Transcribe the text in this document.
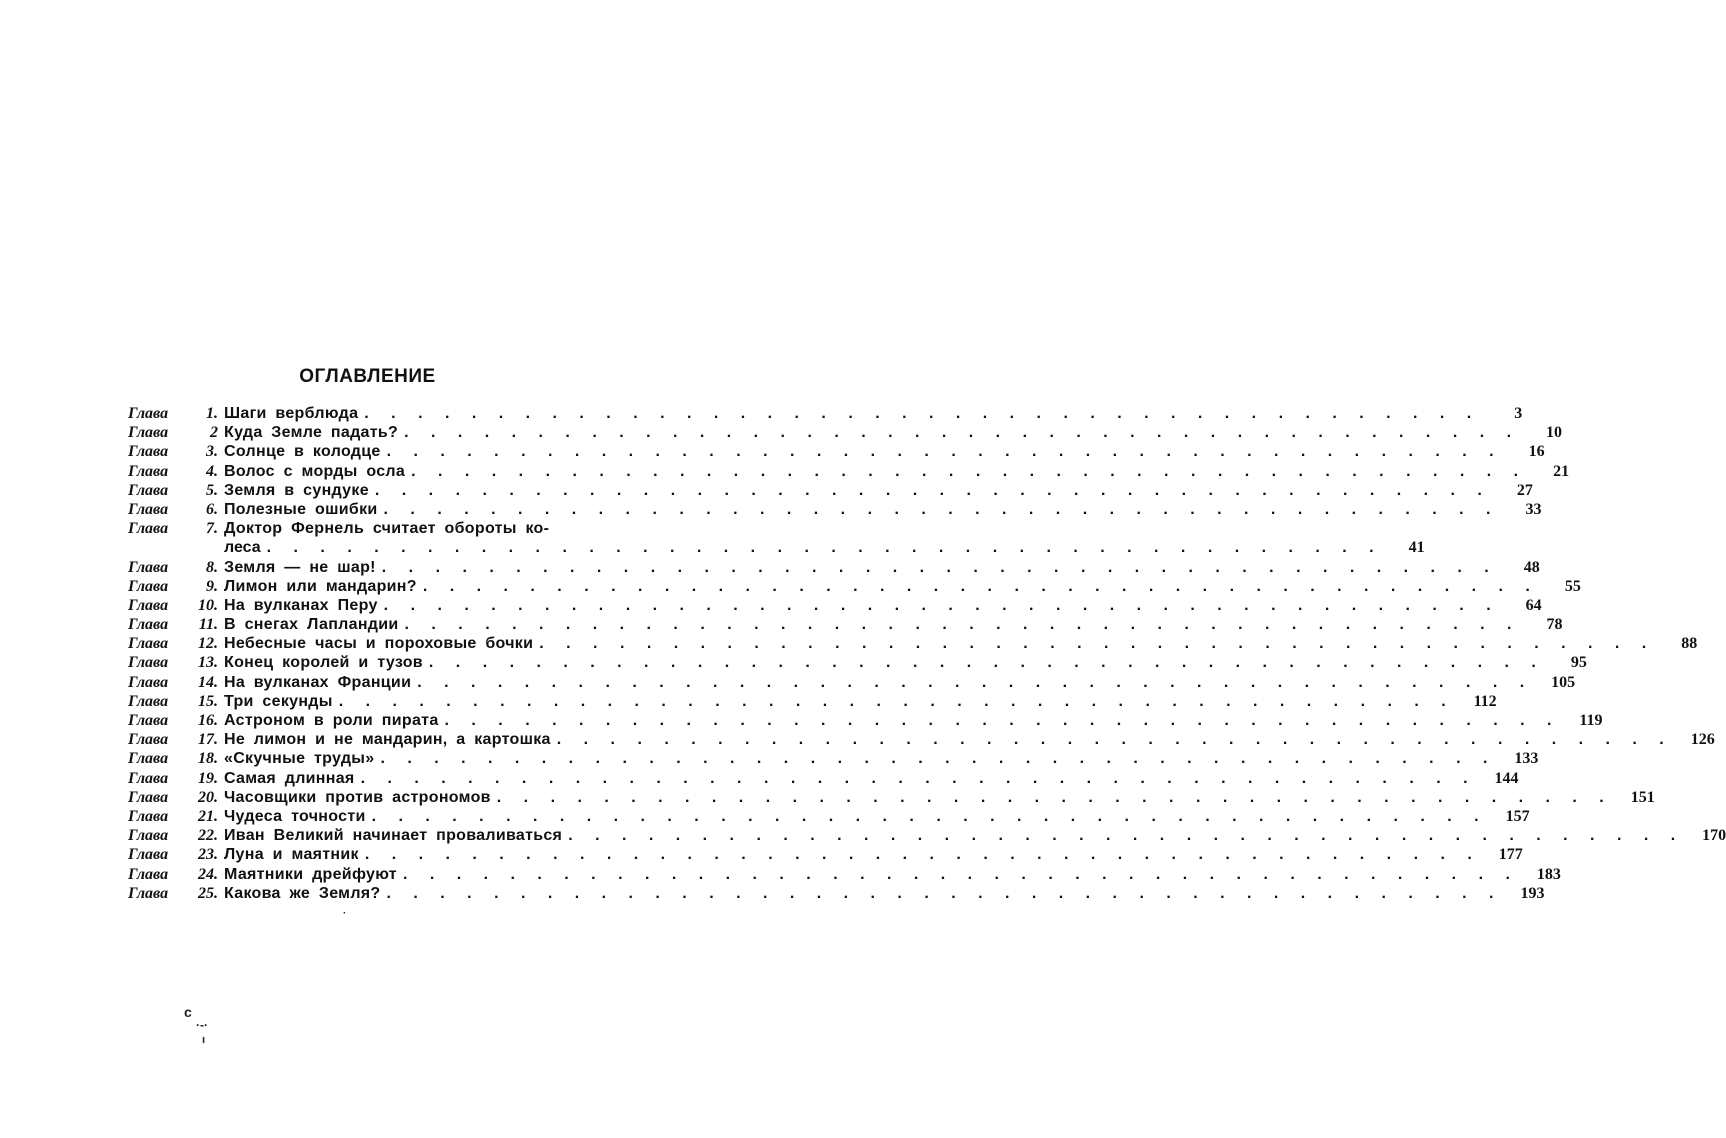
ОГЛАВЛЕНИЕ
Глава	1. Шаги верблюда . . .	3
Глава	2 Куда Земле падать? . . .	10
Глава	3. Солнце в колодце . . .	16
Глава	4. Волос с морды осла . . .	21
Глава	5. Земля в сундуке . . .	27
Глава	6. Полезные ошибки . . .	33
Глава	7. Доктор Фернель считает обороты ко-
леса . . .	41
Глава	8. Земля — не шар! . . .	48
Глава	9. Лимон или мандарин? . . .	55
Глава	10. На вулканах Перу . . .	64
Глава	11. В снегах Лапландии . . .	78
Глава	12. Небесные часы и пороховые бочки . . .	88
Глава	13. Конец королей и тузов . . .	95
Глава	14. На вулканах Франции . . .	105
Глава	15. Три секунды . . .	112
Глава	16. Астроном в роли пирата . . .	119
Глава	17. Не лимон и не мандарин, а картошка . . .	126
Глава	18. «Скучные труды» . . .	133
Глава	19. Самая длинная . . .	144
Глава	20. Часовщики против астрономов . . .	151
Глава	21. Чудеса точности . . .	157
Глава	22. Иван Великий начинает проваливаться . . .	170
Глава	23. Луна и маятник . . .	177
Глава	24. Маятники дрейфуют . . .	183
Глава	25. Какова же Земля? . . .	193
·
ϲ
·-·
ı
